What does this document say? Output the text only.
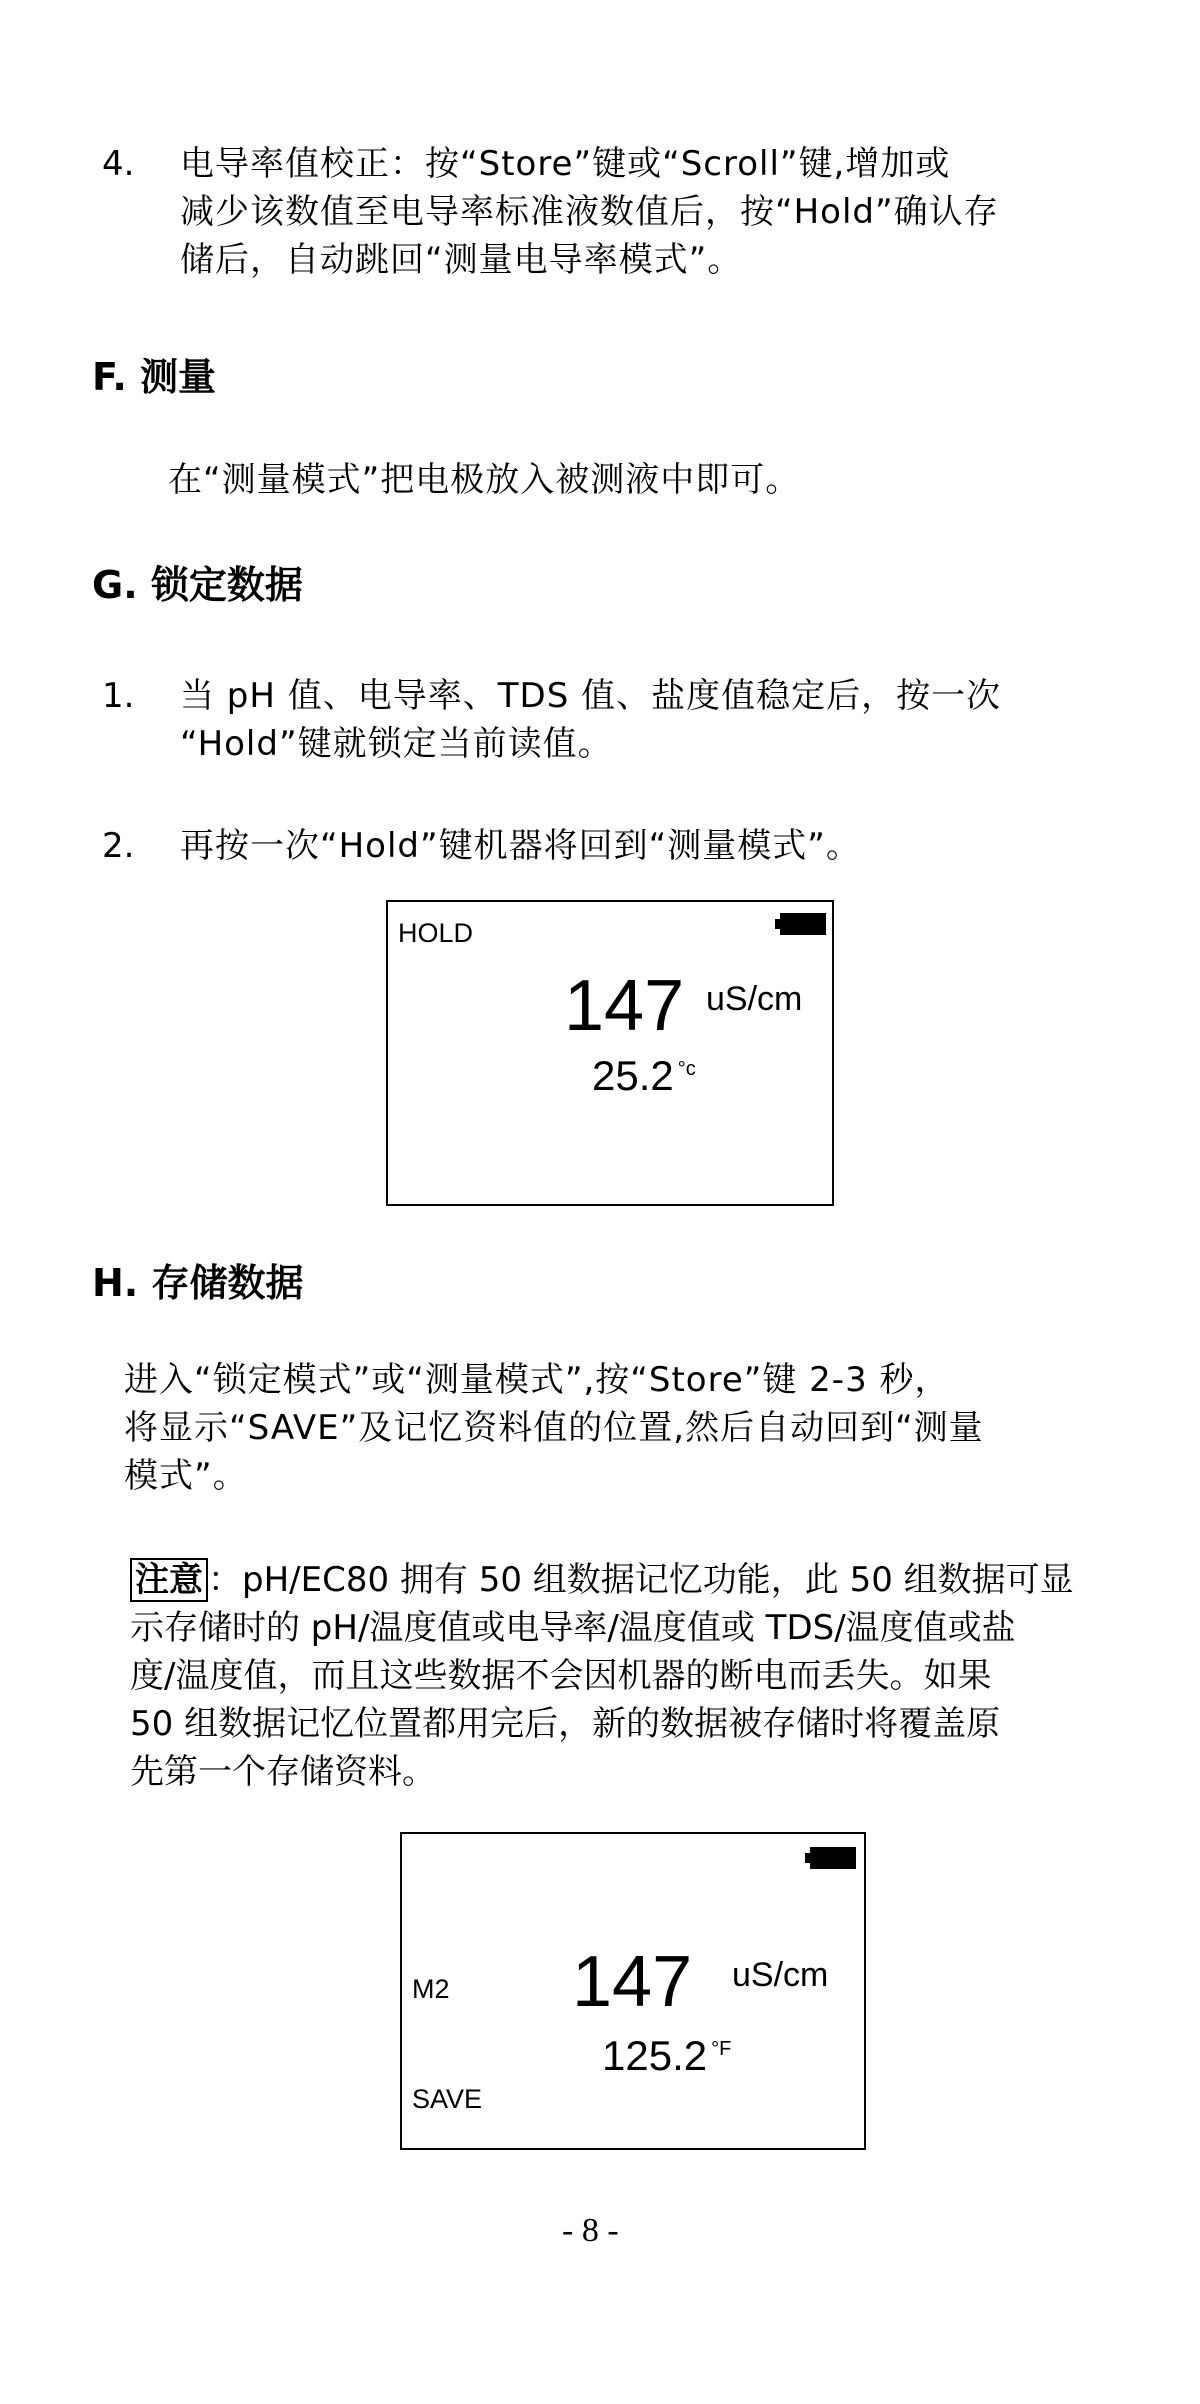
4. 电导率值校正：按“Store”键或“Scroll”键,增加或
减少该数值至电导率标准液数值后，按“Hold”确认存
储后，自动跳回“测量电导率模式”。
F. 测量
在“测量模式”把电极放入被测液中即可。
G. 锁定数据
1. 当 pH 值、电导率、TDS 值、盐度值稳定后，按一次
“Hold”键就锁定当前读值。
2. 再按一次“Hold”键机器将回到“测量模式”。
HOLD
147 uS/cm
25.2 $^{^\circ c}$
H. 存储数据
进入“锁定模式”或“测量模式”,按“Store”键 2-3 秒，
将显示“SAVE”及记忆资料值的位置,然后自动回到“测量
模式”。
注意 ：pH/EC80 拥有 50 组数据记忆功能，此 50 组数据可显
示存储时的 pH/温度值或电导率/温度值或 TDS/温度值或盐
度/温度值，而且这些数据不会因机器的断电而丢失。如果
50 组数据记忆位置都用完后，新的数据被存储时将覆盖原
先第一个存储资料。
M2 147 uS/cm
125.2 $^{^\circ F}$
SAVE
- 8 -
